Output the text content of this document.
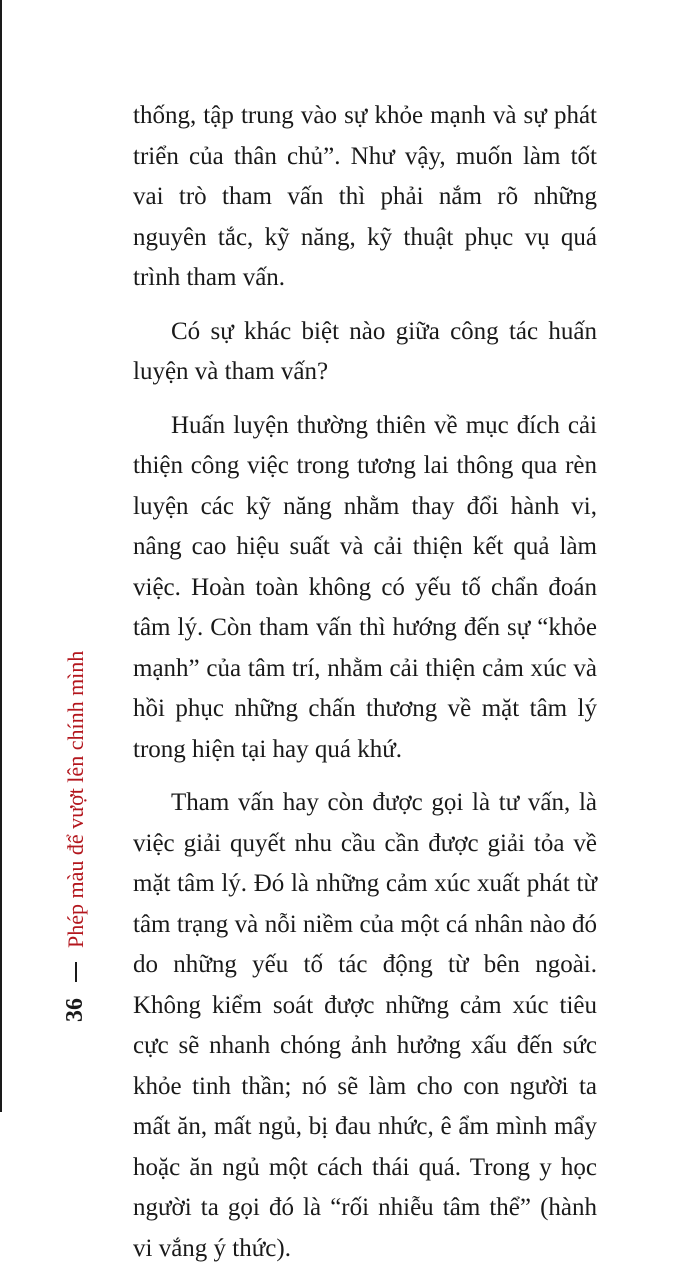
thống, tập trung vào sự khỏe mạnh và sự phát triển của thân chủ”. Như vậy, muốn làm tốt vai trò tham vấn thì phải nắm rõ những nguyên tắc, kỹ năng, kỹ thuật phục vụ quá trình tham vấn.

Có sự khác biệt nào giữa công tác huấn luyện và tham vấn?

Huấn luyện thường thiên về mục đích cải thiện công việc trong tương lai thông qua rèn luyện các kỹ năng nhằm thay đổi hành vi, nâng cao hiệu suất và cải thiện kết quả làm việc. Hoàn toàn không có yếu tố chẩn đoán tâm lý. Còn tham vấn thì hướng đến sự “khỏe mạnh” của tâm trí, nhằm cải thiện cảm xúc và hồi phục những chấn thương về mặt tâm lý trong hiện tại hay quá khứ.

Tham vấn hay còn được gọi là tư vấn, là việc giải quyết nhu cầu cần được giải tỏa về mặt tâm lý. Đó là những cảm xúc xuất phát từ tâm trạng và nỗi niềm của một cá nhân nào đó do những yếu tố tác động từ bên ngoài. Không kiểm soát được những cảm xúc tiêu cực sẽ nhanh chóng ảnh hưởng xấu đến sức khỏe tinh thần; nó sẽ làm cho con người ta mất ăn, mất ngủ, bị đau nhức, ê ẩm mình mẩy hoặc ăn ngủ một cách thái quá. Trong y học người ta gọi đó là “rối nhiễu tâm thể” (hành vi vắng ý thức).

36
Phép màu để vượt lên chính mình
